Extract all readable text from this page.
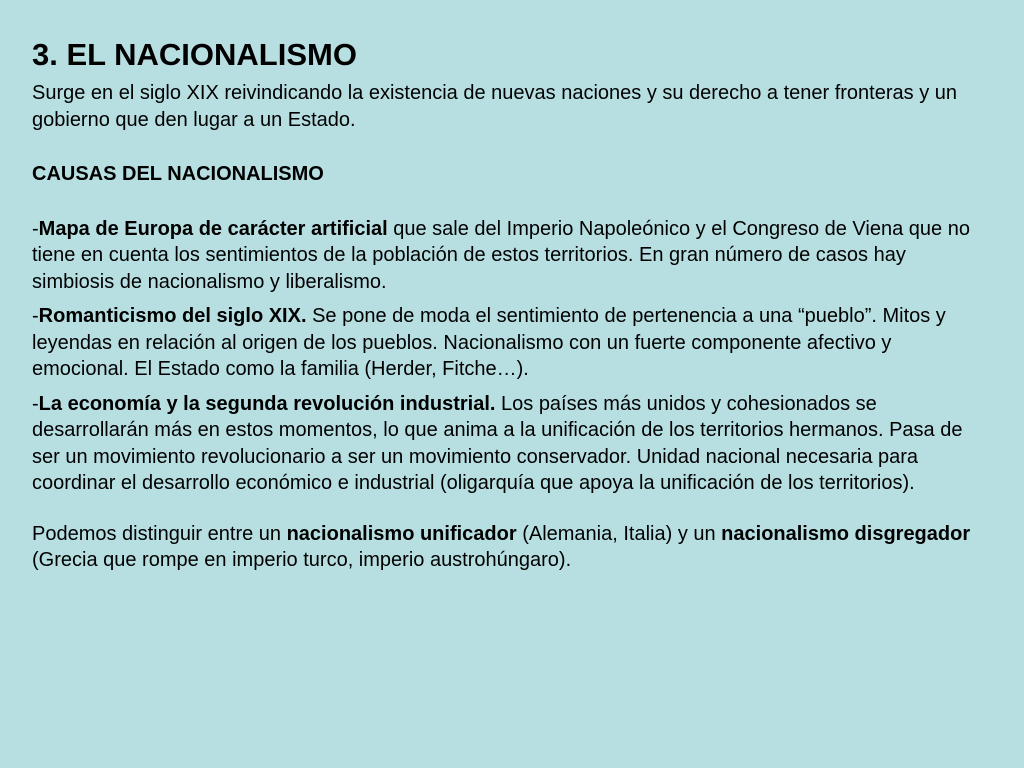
3. EL NACIONALISMO

Surge en el siglo XIX reivindicando la existencia de nuevas naciones y su derecho a tener fronteras y un gobierno que den lugar a un Estado.

CAUSAS DEL NACIONALISMO

-Mapa de Europa de carácter artificial que sale del Imperio Napoleónico y el Congreso de Viena que no tiene en cuenta los sentimientos de la población de estos territorios. En gran número de casos hay simbiosis de nacionalismo y liberalismo.

-Romanticismo del siglo XIX. Se pone de moda el sentimiento de pertenencia a una “pueblo”. Mitos y leyendas en relación al origen de los pueblos. Nacionalismo con un fuerte componente afectivo y emocional. El Estado como la familia (Herder, Fitche…).

-La economía y la segunda revolución industrial. Los países más unidos y cohesionados se desarrollarán más en estos momentos, lo que anima a la unificación de los territorios hermanos. Pasa de ser un movimiento revolucionario a ser un movimiento conservador. Unidad nacional necesaria para coordinar el desarrollo económico e industrial (oligarquía que apoya la unificación de los territorios).

Podemos distinguir entre un nacionalismo unificador (Alemania, Italia) y un nacionalismo disgregador (Grecia que rompe en imperio turco, imperio austrohúngaro).
